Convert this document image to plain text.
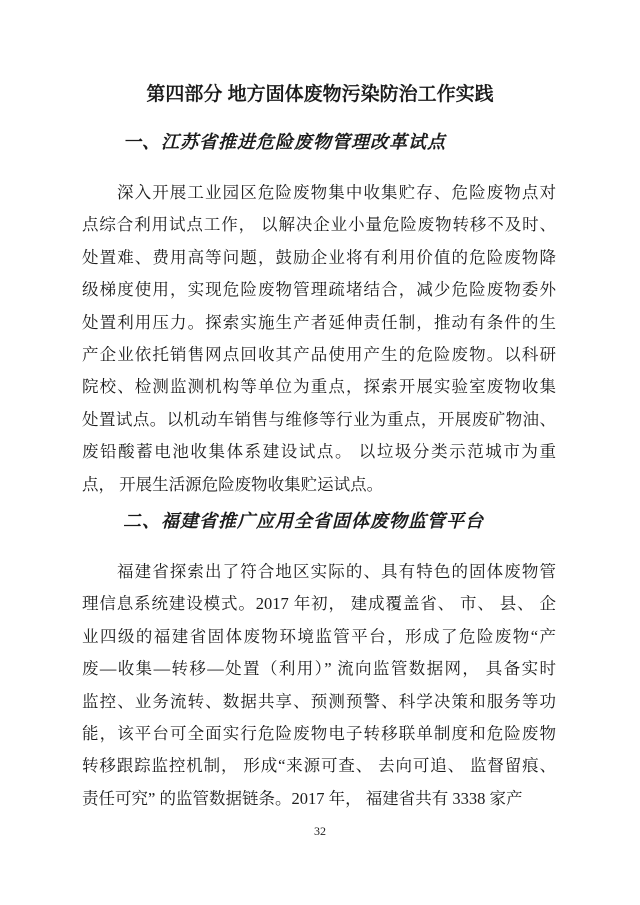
第四部分 地方固体废物污染防治工作实践
一、江苏省推进危险废物管理改革试点
深入开展工业园区危险废物集中收集贮存、危险废物点对
点综合利用试点工作， 以解决企业小量危险废物转移不及时、
处置难、费用高等问题，鼓励企业将有利用价值的危险废物降
级梯度使用，实现危险废物管理疏堵结合，减少危险废物委外
处置利用压力。探索实施生产者延伸责任制，推动有条件的生
产企业依托销售网点回收其产品使用产生的危险废物。以科研
院校、检测监测机构等单位为重点，探索开展实验室废物收集
处置试点。以机动车销售与维修等行业为重点，开展废矿物油、
废铅酸蓄电池收集体系建设试点。 以垃圾分类示范城市为重
点， 开展生活源危险废物收集贮运试点。
二、福建省推广应用全省固体废物监管平台
福建省探索出了符合地区实际的、具有特色的固体废物管
理信息系统建设模式。2017 年初， 建成覆盖省、 市、 县、 企
业四级的福建省固体废物环境监管平台，形成了危险废物“产
废—收集—转移—处置（利用）” 流向监管数据网， 具备实时
监控、业务流转、数据共享、预测预警、科学决策和服务等功
能，该平台可全面实行危险废物电子转移联单制度和危险废物
转移跟踪监控机制， 形成“来源可查、 去向可追、 监督留痕、
责任可究” 的监管数据链条。2017 年， 福建省共有 3338 家产
32
